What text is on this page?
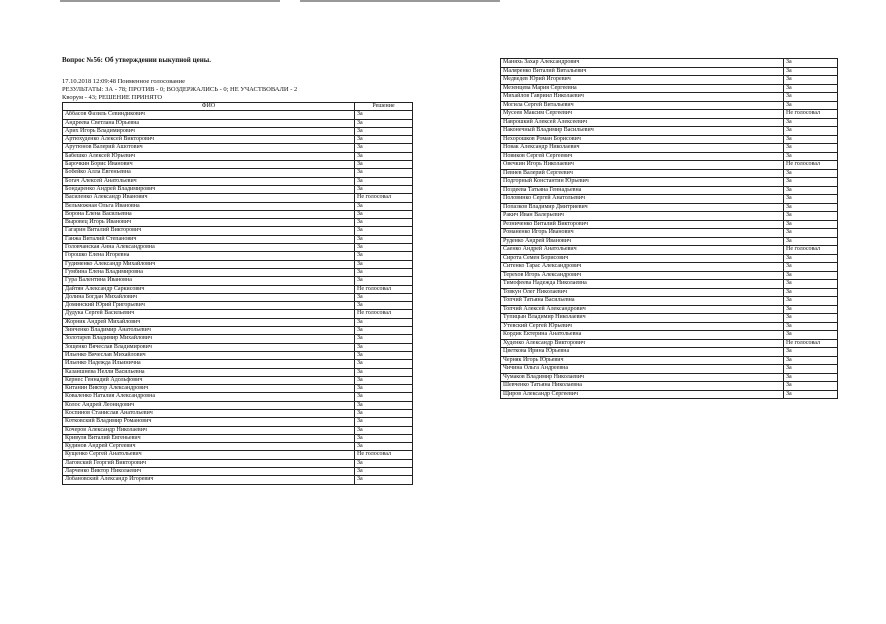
Вопрос №56: Об утверждении выкупной цены.
17.10.2018 12:09:48 Поименное голосование
РЕЗУЛЬТАТЫ: ЗА - 78; ПРОТИВ - 0; ВОЗДЕРЖАЛИСЬ - 0; НЕ УЧАСТВОВАЛИ - 2
Кворум - 43; РЕШЕНИЕ ПРИНЯТО
ФИО	Решение
Аббасов Фазиль Севиндикович	За
Андреева Светлана Юрьевна	За
Арих Игорь Владимирович	За
Артюхуденко Алексей Викторович	За
Арутюнов Валерий Ашотович	За
Бабешко Алексей Юрьевич	За
Барочкин Борис Иванович	За
Бобейко Алла Евгеньевна	За
Богач Алексей Анатольевич	За
Бондаренко Андрей Владимирович	За
Василенко Александр Иванович	Не голосовал
Вельможная Ольга Ивановна	За
Ворона Елена Васильевна	За
Выровец Игорь Иванович	За
Гагарин Виталий Викторович	За
Ганжа Виталий Степанович	За
Головчанская Анна Александровна	За
Горошко Елена Игоревна	За
Гудименко Александр Михайлович	За
Гумбина Елена Владимировна	За
Гура Валентина Ивановна	За
Дайтян Александр Саркисович	Не голосовал
Долина Богдан Михайлович	За
Доминский Юрий Григорьевич	За
Дудука Сергей Васильевич	Не голосовал
Жорник Андрей Михайлович	За
Зинченко Владимир Анатольевич	За
Золотарев Владимир Михайлович	За
Зощенко Вячеслав Владимирович	За
Ильенко Вячеслав Михайлович	За
Ильенко Надежда Ильинична	За
Казаншнева Нелли Васильевна	За
Кернес Геннадий Адольфович	За
Китанин Виктор Александрович	За
Коваленко Наталия Александровна	За
Колос Андрей Леонидович	За
Коспинов Станислав Анатольевич	За
Котковский Владимир Романович	За
Кочеров Александр Николаевич	За
Кривуля Виталий Евгеньевич	За
Кудинов Андрей Сергеевич	За
Кущенко Сергей Анатольевич	Не голосовал
Лаговский Георгий Викторович	За
Ларченко Виктор Николаевич	За
Лобановский Александр Игоревич	За
Маняхь Захар Александрович	За
Маляренко Виталий Витальевич	За
Медведев Юрий Игоревич	За
Мезенцева Мария Сергеевна	За
Михайлов Гавриил Николаевич	За
Могила Сергей Витальевич	За
Мусеев Максим Сергеевич	Не голосовал
Наврошкий Алексей Алексеевич	За
Наконечный Владимир Васильевич	За
Нехорошков Роман Борисович	За
Новак Александр Николаевич	За
Новиков Сергей Сергеевич	За
Овечкин Игорь Николаевич	Не голосовал
Певнев Валерий Сергеевич	За
Подгорный Константин Юрьевич	За
Поздеева Татьяна Геннадьевна	За
Половинко Сергей Анатольевич	За
Попазков Владимир Дмитриевич	За
Ракич Иван Валерьевич	За
Резниченко Виталий Викторович	За
Романенко Игорь Иванович	За
Руденко Андрей Иванович	За
Саенко Андрей Анатольевич	Не голосовал
Сирота Семен Борисович	За
Ситенко Тарас Александрович	За
Терехов Игорь Александрович	За
Тимофеева Надежда Николаевна	За
Товкун Олег Николаевич	За
Топчий Татьяна Васильевна	За
Топчий Алексей Александрович	За
Тупицын Владимир Николаевич	За
Утевский Сергей Юрьевич	За
Кордик Ектерина Анатольевна	За
Худенко Александр Викторович	Не голосовал
Цветкова Ирина Юрьевна	За
Черняк Игорь Юрьевич	За
Чичина Ольга Андреевна	За
Чумаков Владимир Николаевич	За
Шевченко Татьяна Николаевна	За
Щиров Александр Сергеевич	За
